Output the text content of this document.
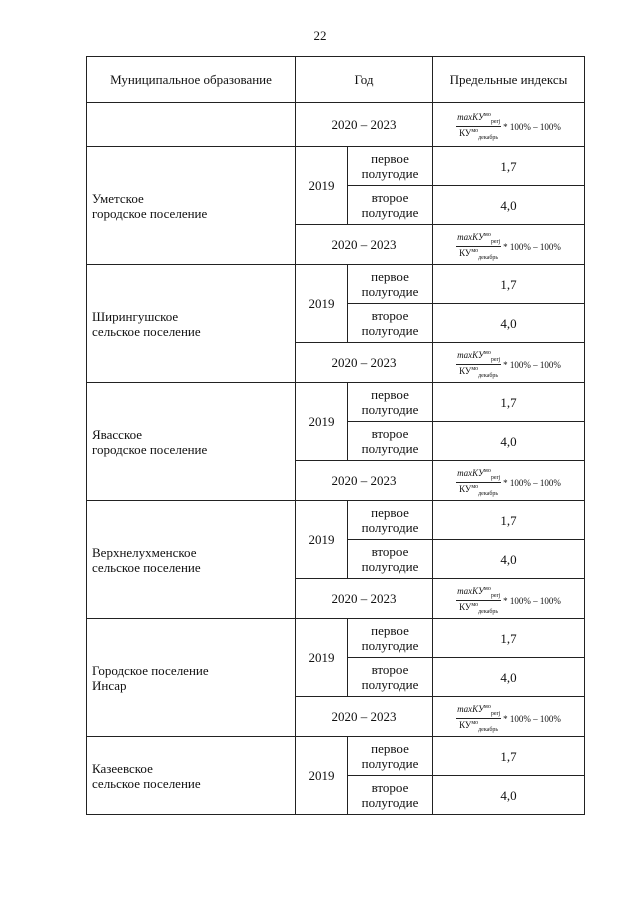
22
Муниципальное образование	Год		Предельные индексы
	2020 – 2023		$\frac{\max КУ^{мо}_{perj}}{КУ^{мо}_{декабрь}} * 100\% - 100\%$

Уметское
городское поселение	2019	первое полугодие	1,7
		второе полугодие	4,0
	2020 – 2023		$\frac{\max КУ^{мо}_{perj}}{КУ^{мо}_{декабрь}} * 100\% - 100\%$

Ширингушское
сельское поселение	2019	первое полугодие	1,7
		второе полугодие	4,0
	2020 – 2023		$\frac{\max КУ^{мо}_{perj}}{КУ^{мо}_{декабрь}} * 100\% - 100\%$

Явасское
городское поселение	2019	первое полугодие	1,7
		второе полугодие	4,0
	2020 – 2023		$\frac{\max КУ^{мо}_{perj}}{КУ^{мо}_{декабрь}} * 100\% - 100\%$

Верхнелухменское
сельское поселение	2019	первое полугодие	1,7
		второе полугодие	4,0
	2020 – 2023		$\frac{\max КУ^{мо}_{perj}}{КУ^{мо}_{декабрь}} * 100\% - 100\%$

Городское поселение
Инсар	2019	первое полугодие	1,7
		второе полугодие	4,0
	2020 – 2023		$\frac{\max КУ^{мо}_{perj}}{КУ^{мо}_{декабрь}} * 100\% - 100\%$

Казеевское
сельское поселение	2019	первое полугодие	1,7
		второе полугодие	4,0
